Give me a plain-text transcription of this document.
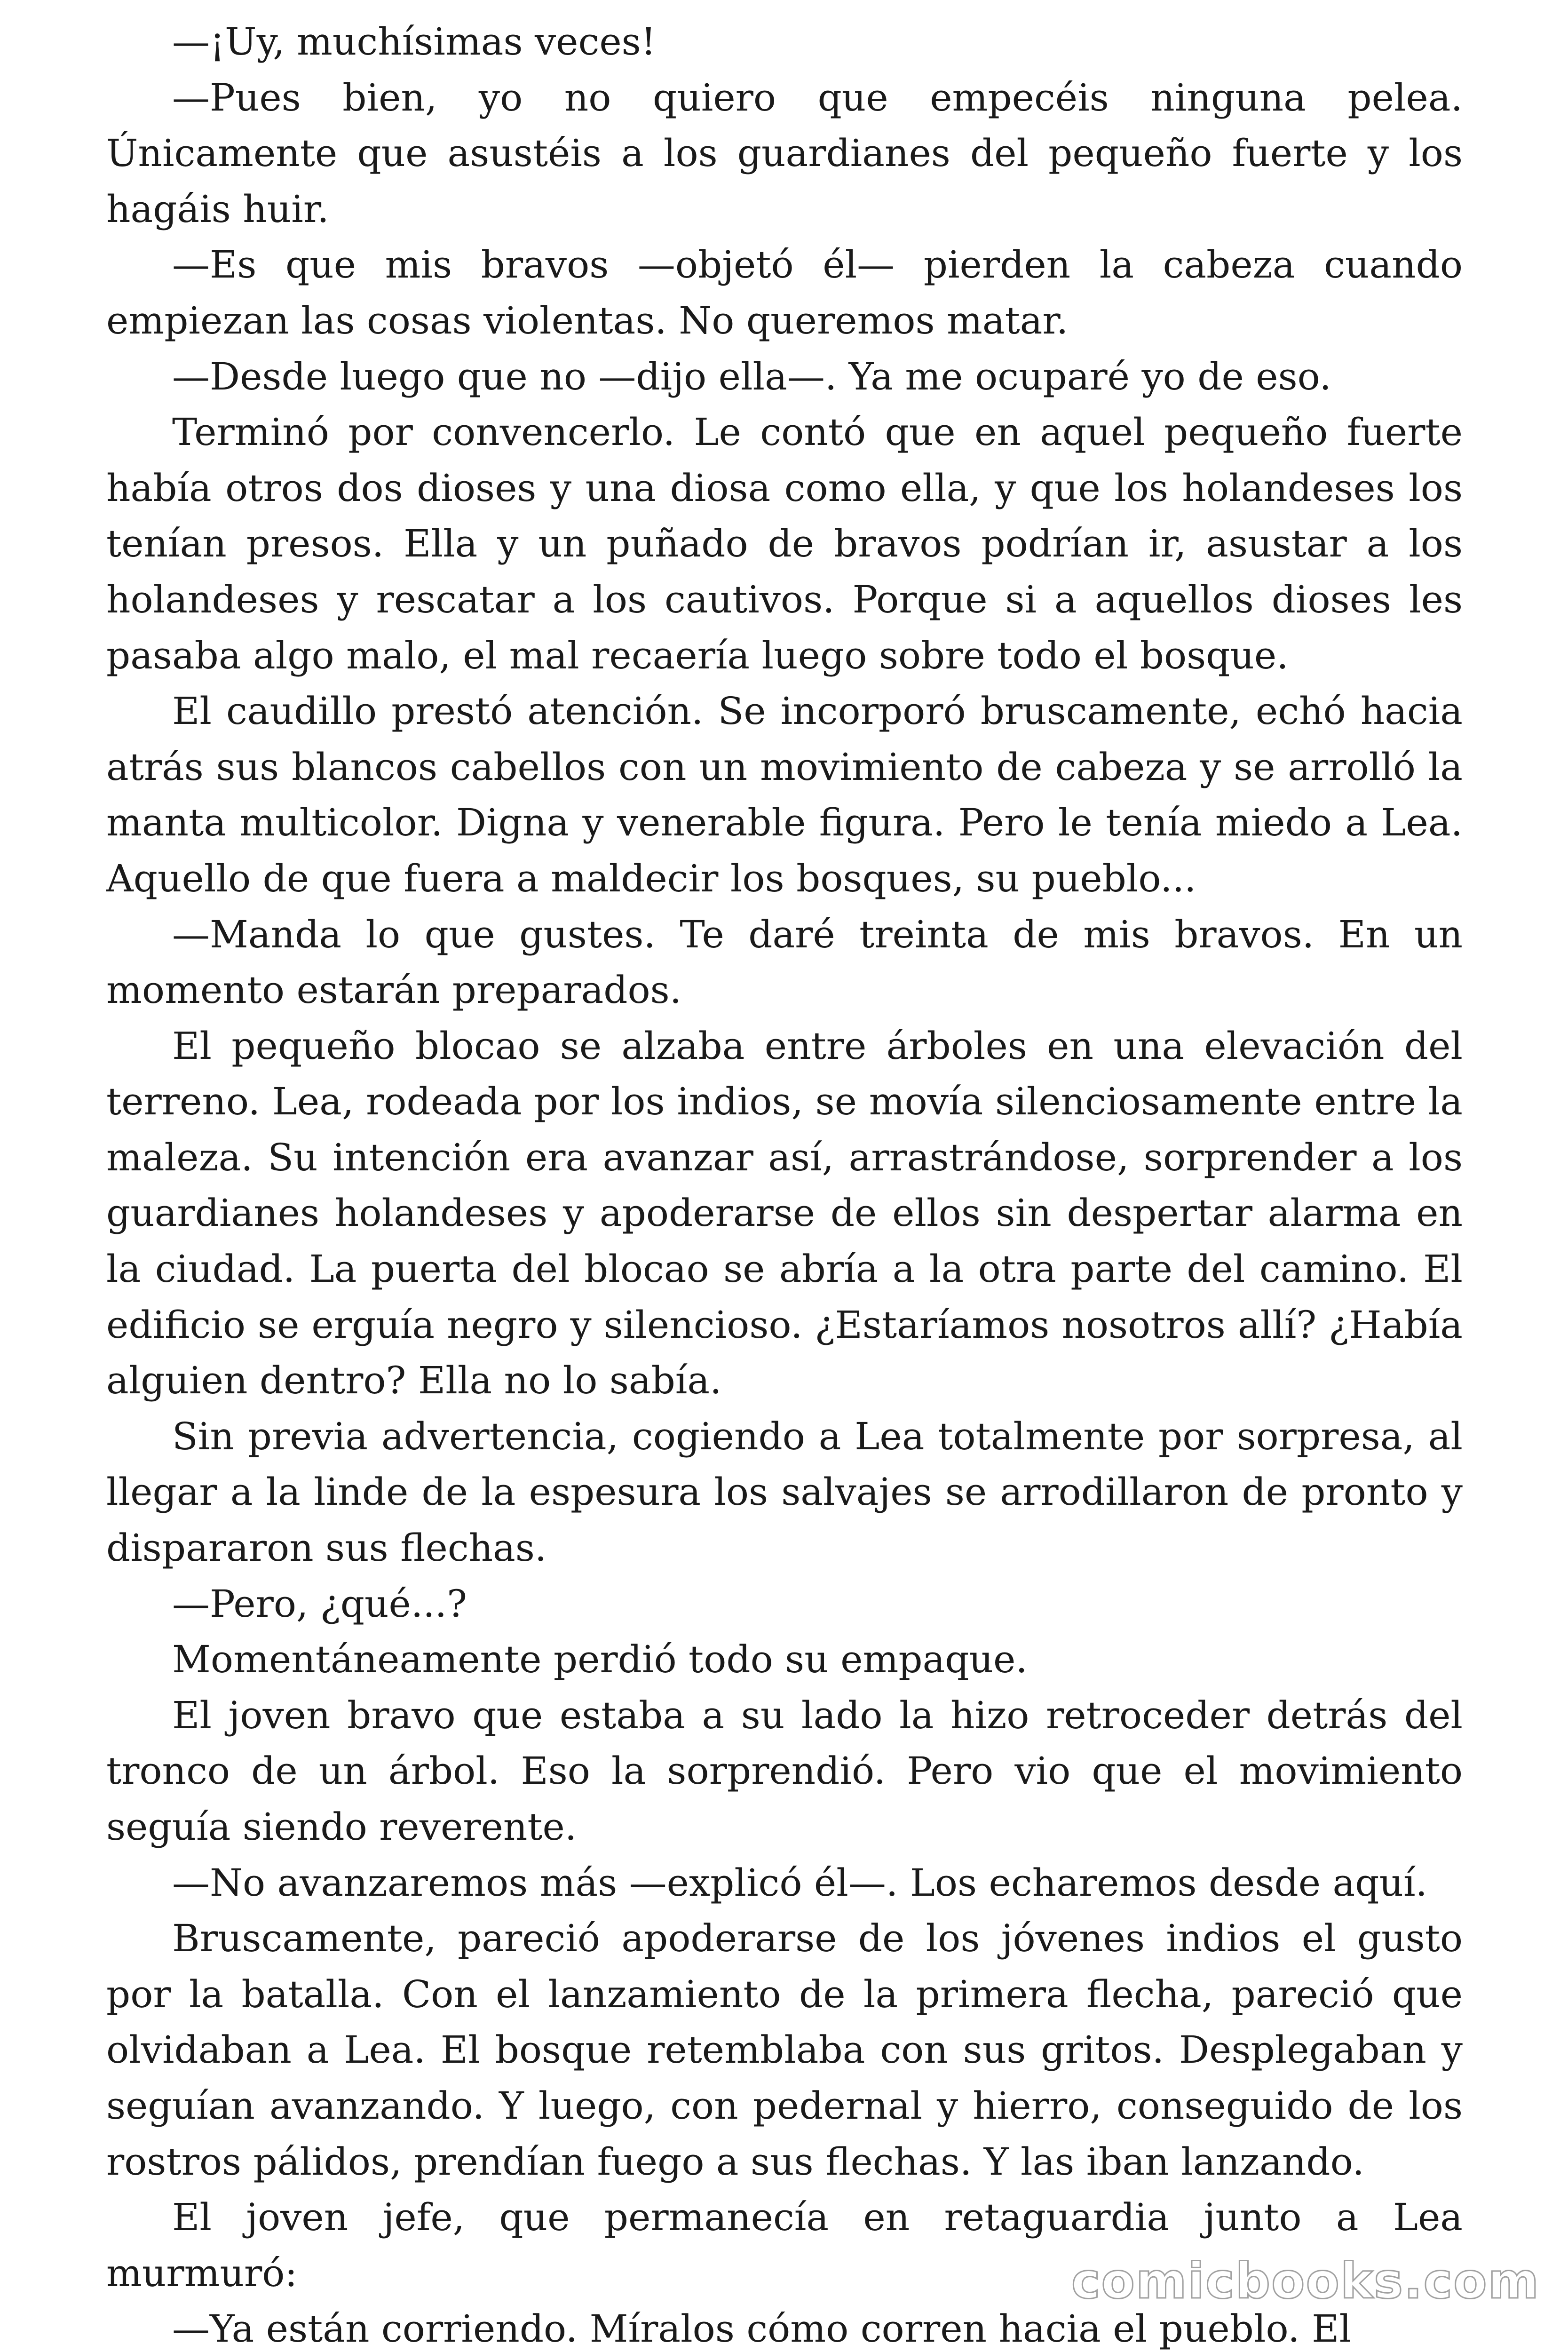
—¡Uy, muchísimas veces!

—Pues bien, yo no quiero que empecéis ninguna pelea. Únicamente que asustéis a los guardianes del pequeño fuerte y los hagáis huir.

—Es que mis bravos —objetó él— pierden la cabeza cuando empiezan las cosas violentas. No queremos matar.

—Desde luego que no —dijo ella—. Ya me ocuparé yo de eso.

Terminó por convencerlo. Le contó que en aquel pequeño fuerte había otros dos dioses y una diosa como ella, y que los holandeses los tenían presos. Ella y un puñado de bravos podrían ir, asustar a los holandeses y rescatar a los cautivos. Porque si a aquellos dioses les pasaba algo malo, el mal recaería luego sobre todo el bosque.

El caudillo prestó atención. Se incorporó bruscamente, echó hacia atrás sus blancos cabellos con un movimiento de cabeza y se arrolló la manta multicolor. Digna y venerable figura. Pero le tenía miedo a Lea. Aquello de que fuera a maldecir los bosques, su pueblo...

—Manda lo que gustes. Te daré treinta de mis bravos. En un momento estarán preparados.

El pequeño blocao se alzaba entre árboles en una elevación del terreno. Lea, rodeada por los indios, se movía silenciosamente entre la maleza. Su intención era avanzar así, arrastrándose, sorprender a los guardianes holandeses y apoderarse de ellos sin despertar alarma en la ciudad. La puerta del blocao se abría a la otra parte del camino. El edificio se erguía negro y silencioso. ¿Estaríamos nosotros allí? ¿Había alguien dentro? Ella no lo sabía.

Sin previa advertencia, cogiendo a Lea totalmente por sorpresa, al llegar a la linde de la espesura los salvajes se arrodillaron de pronto y dispararon sus flechas.

—Pero, ¿qué...?

Momentáneamente perdió todo su empaque.

El joven bravo que estaba a su lado la hizo retroceder detrás del tronco de un árbol. Eso la sorprendió. Pero vio que el movimiento seguía siendo reverente.

—No avanzaremos más —explicó él—. Los echaremos desde aquí.

Bruscamente, pareció apoderarse de los jóvenes indios el gusto por la batalla. Con el lanzamiento de la primera flecha, pareció que olvidaban a Lea. El bosque retemblaba con sus gritos. Desplegaban y seguían avanzando. Y luego, con pedernal y hierro, conseguido de los rostros pálidos, prendían fuego a sus flechas. Y las iban lanzando.

El joven jefe, que permanecía en retaguardia junto a Lea murmuró:

—Ya están corriendo. Míralos cómo corren hacia el pueblo. El

comicbooks.com
